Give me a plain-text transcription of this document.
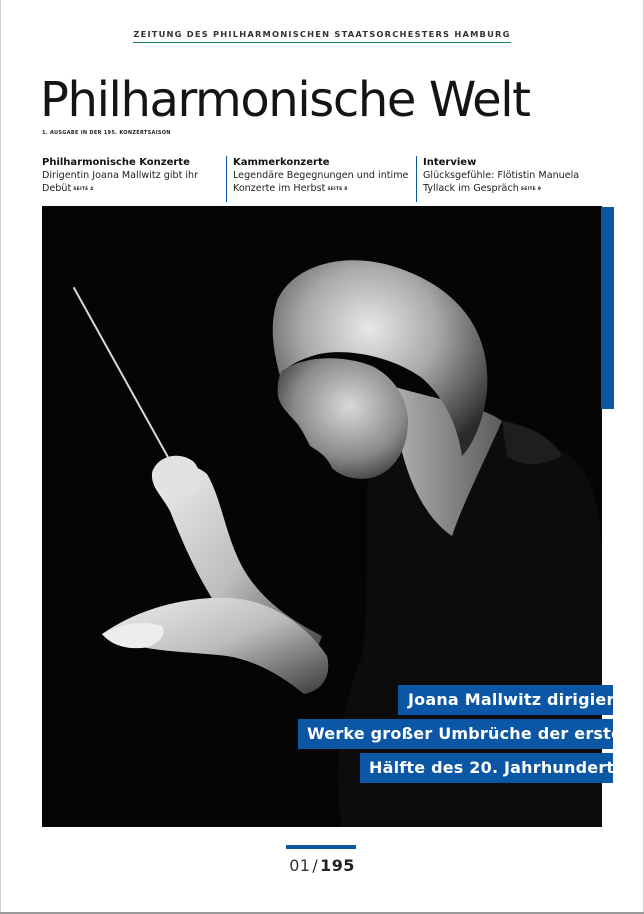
ZEITUNG DES PHILHARMONISCHEN STAATSORCHESTERS HAMBURG
Philharmonische Welt
1. AUSGABE IN DER 195. KONZERTSAISON
Philharmonische Konzerte
Dirigentin Joana Mallwitz gibt ihr Debüt SEITE 4
Kammerkonzerte
Legendäre Begegnungen und intime Konzerte im Herbst SEITE 8
Interview
Glücksgefühle: Flötistin Manuela Tyllack im Gespräch SEITE 9
Joana Mallwitz dirigiert:
Werke großer Umbrüche der ersten
Hälfte des 20. Jahrhunderts
01 / 195
